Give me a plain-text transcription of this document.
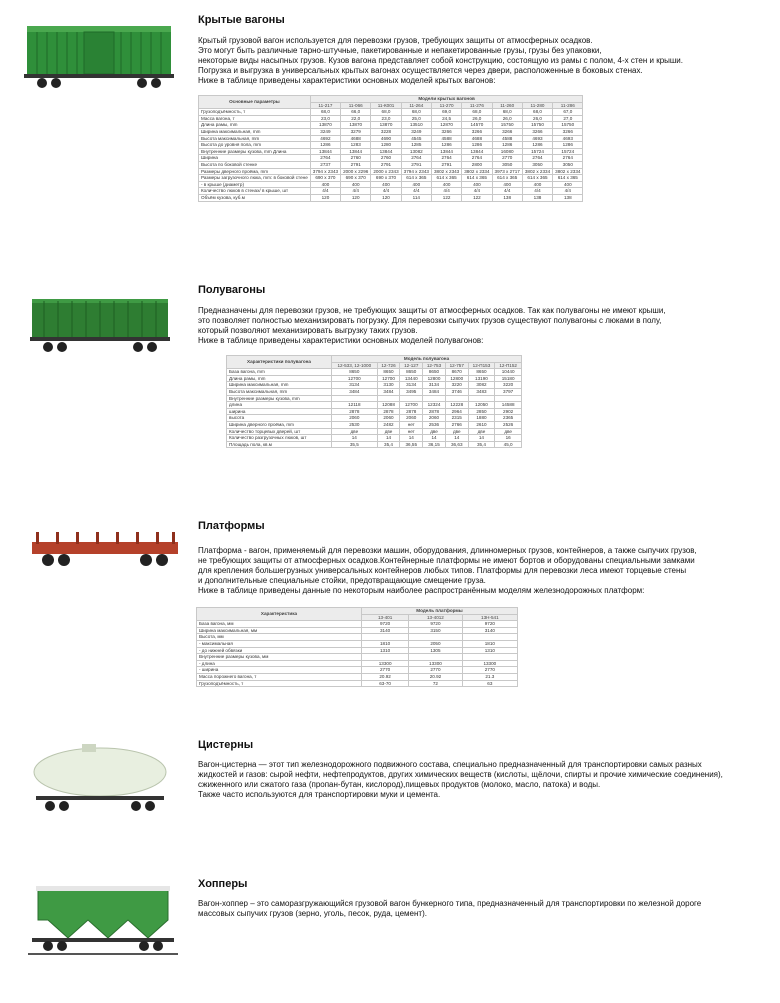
Крытые вагоны

Крытый грузовой вагон используется для перевозки грузов, требующих защиты от атмосферных осадков.

Это могут быть различные тарно-штучные, пакетированные и непакетированные грузы, грузы без упаковки,

некоторые виды насыпных грузов. Кузов вагона представляет собой конструкцию, состоящую из рамы с полом, 4-х стен и крыши.

Погрузка и выгрузка в универсальных крытых вагонах осуществляется через двери, расположенные в боковых стенах.

Ниже в таблице приведены характеристики основных моделей крытых вагонов:

Основные параметры	Модели крытых вагонов								
	11-217	11-066	11-К001	11-264	11-270	11-276	11-260	11-280	11-286
Грузоподъёмность, т	68,0	66,0	68,0	68,0	69,0	68,0	68,0	68,0	67,0
Масса вагона, т	23,0	22,0	23,0	25,0	24,5	26,0	26,0	26,0	27,0
Длина рамы, mm	13870	13870	13870	13510	12870	14570	15750	15750	15750
Ширина максимальная, mm	3249	3279	3228	3249	3266	3266	3266	3266	3266
Высота максимальная, mm	4692	4688	4690	4545	4588	4688	4588	4693	4693
Высота до уровня пола, mm	1286	1283	1280	1285	1286	1286	1286	1286	1286
Внутренние размеры кузова, mm Длина	13844	13844	13844	13082	13844	13844	16080	15724	15724
Ширина	2764	2760	2760	2764	2764	2764	2770	2764	2764
Высота по боковой стенке	2737	2791	2791	2791	2791	2800	3050	3050	3050
Размеры дверного проёма, mm	3794 x 2343	2000 x 2296	2000 x 2343	3794 x 2343	3802 x 2343	3802 x 2334	3973 x 2717	3802 x 2334	3802 x 2334
Размеры загрузочного люка, mm: в боковой стене	690 x 370	690 x 370	690 x 370	614 x 365	614 x 365	614 x 365	614 x 365	614 x 365	614 x 365
- в крыше (диаметр)	400	400	400	400	400	400	400	400	400
Количество люков в стенах/ в крыше, шт	4/4	4/4	4/4	4/4	4/4	4/4	4/4	4/4	4/4
Объём кузова, куб.м	120	120	120	114	122	122	138	138	138
Полувагоны

Предназначены для перевозки грузов, не требующих защиты от атмосферных осадков. Так как полувагоны не имеют крыши,

это позволяет полностью механизировать погрузку. Для перевозки сыпучих грузов существуют полувагоны с люками в полу,

который позволяют механизировать выгрузку таких грузов.

Ниже в таблице приведены характеристики основных моделей полувагонов:

Характеристики полувагона	Модель полувагона						
	12-533, 12-1000	12-726	12-127	12-753	12-757	12-П153	12-П152
База вагона, mm	8650	8650	8650	8650	8670	8650	10440
Длина рамы, mm	12700	12700	13440	12800	12800	13190	15180
Ширина максимальная, mm	3134	3130	3134	3134	3220	3082	3220
Высота максимальная, mm	3484	3484	3495	3484	3746	3483	3797
Внутренние размеры кузова, mm							
длина	12118	12088	12700	12324	12228	12050	14588
ширина	2878	2878	2878	2878	2964	2850	2902
высота	2060	2060	2060	2060	2315	1880	2365
Ширина дверного проёма, mm	2530	2482	нет	2536	2766	2610	2526
Количество торцевых дверей, шт	две	две	нет	две	две	две	две
Количество разгрузочных люков, шт	14	14	14	14	14	14	16
Площадь пола, кв.м	35,5	35,4	36,55	36,15	36,63	35,4	45,0
Платформы

Платформа - вагон, применяемый для перевозки машин, оборудования, длинномерных грузов, контейнеров, а также сыпучих грузов,

не требующих защиты от атмосферных осадков.Контейнерные платформы не имеют бортов и оборудованы специальными замками

для крепления большегрузных универсальных контейнеров любых типов. Платформы для перевозки леса имеют торцевые стены

и дополнительные специальные стойки, предотвращающие смещение груза.

Ниже в таблице приведены данные по некоторым наиболее распространённым моделям железнодорожных платформ:

Характеристика	Модель платформы		
	13-401	13-4012	13Н-541
База вагона, мм	9720	9720	9720
Ширина максимальная, мм	3140	3150	3140
Высота, мм			
- максимальная	1810	2050	1810
- до нижней обвязки	1310	1305	1310
Внутренние размеры кузова, мм			
- длина	13300	13300	13300
- ширина	2770	2770	2770
Масса порожнего вагона, т	20.92	20.92	21.3
Грузоподъёмность, т	63-70	72	63
Цистерны

Вагон-цистерна — этот тип железнодорожного подвижного состава, специально предназначенный для транспортировки самых разных

жидкостей и газов: сырой нефти, нефтепродуктов, других химических веществ (кислоты, щёлочи, спирты и прочие химические соединения),

сжиженного или сжатого газа (пропан-бутан, кислород),пищевых продуктов (молоко, масло, патока) и воды.

Также часто используются для транспортировки муки и цемента.

Хопперы

Вагон-хоппер – это саморазгружающийся грузовой вагон бункерного типа, предназначенный для транспортировки по железной дороге

массовых сыпучих грузов (зерно, уголь, песок, руда, цемент).
